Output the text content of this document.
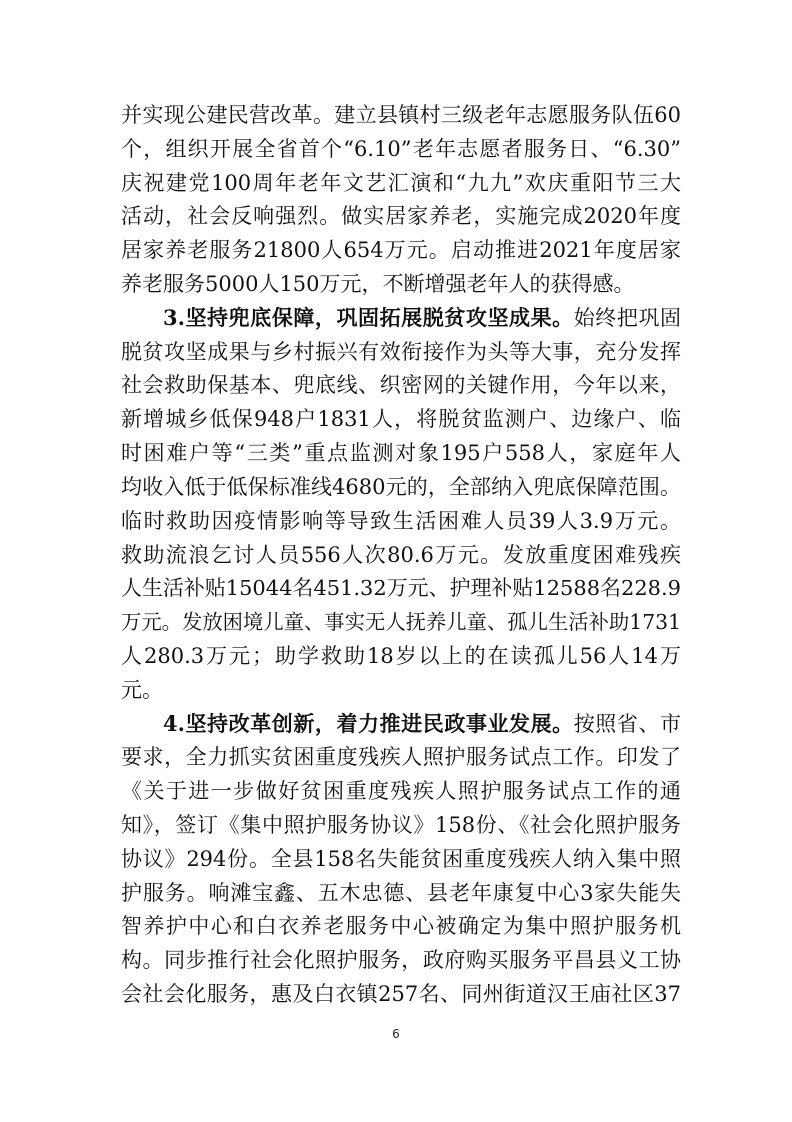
并实现公建民营改革。建立县镇村三级老年志愿服务队伍60
个，组织开展全省首个“6.10”老年志愿者服务日、“6.30”
庆祝建党100周年老年文艺汇演和“九九”欢庆重阳节三大
活动，社会反响强烈。做实居家养老，实施完成2020年度
居家养老服务21800人654万元。启动推进2021年度居家
养老服务5000人150万元，不断增强老年人的获得感。
3.坚持兜底保障，巩固拓展脱贫攻坚成果。始终把巩固
脱贫攻坚成果与乡村振兴有效衔接作为头等大事，充分发挥
社会救助保基本、兜底线、织密网的关键作用，今年以来，
新增城乡低保948户1831人，将脱贫监测户、边缘户、临
时困难户等“三类”重点监测对象195户558人，家庭年人
均收入低于低保标准线4680元的，全部纳入兜底保障范围。
临时救助因疫情影响等导致生活困难人员39人3.9万元。
救助流浪乞讨人员556人次80.6万元。发放重度困难残疾
人生活补贴15044名451.32万元、护理补贴12588名228.9
万元。发放困境儿童、事实无人抚养儿童、孤儿生活补助1731
人280.3万元；助学救助18岁以上的在读孤儿56人14万
元。
4.坚持改革创新，着力推进民政事业发展。按照省、市
要求，全力抓实贫困重度残疾人照护服务试点工作。印发了
《关于进一步做好贫困重度残疾人照护服务试点工作的通
知》，签订《集中照护服务协议》158份、《社会化照护服务
协议》294份。全县158名失能贫困重度残疾人纳入集中照
护服务。响滩宝鑫、五木忠德、县老年康复中心3家失能失
智养护中心和白衣养老服务中心被确定为集中照护服务机
构。同步推行社会化照护服务，政府购买服务平昌县义工协
会社会化服务，惠及白衣镇257名、同州街道汉王庙社区37
6
